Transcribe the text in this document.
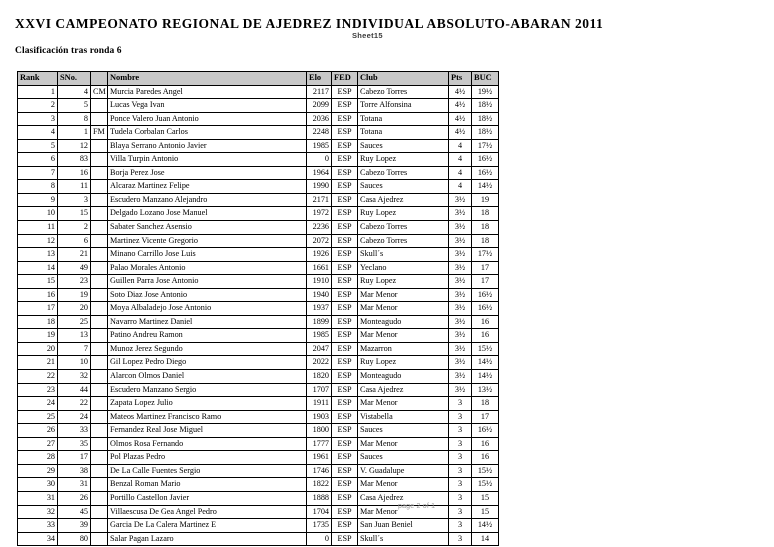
XXVI CAMPEONATO REGIONAL DE AJEDREZ INDIVIDUAL ABSOLUTO-ABARAN 2011
Sheet15
Clasificación tras ronda 6
Rank	SNo.		Nombre	Elo	FED	Club	Pts	BUC
1	4	CM	Murcia Paredes Angel	2117	ESP	Cabezo Torres	4½	19½
2	5		Lucas Vega Ivan	2099	ESP	Torre Alfonsina	4½	18½
3	8		Ponce Valero Juan Antonio	2036	ESP	Totana	4½	18½
4	1	FM	Tudela Corbalan Carlos	2248	ESP	Totana	4½	18½
5	12		Blaya Serrano Antonio Javier	1985	ESP	Sauces	4	17½
6	83		Villa Turpin Antonio	0	ESP	Ruy Lopez	4	16½
7	16		Borja Perez Jose	1964	ESP	Cabezo Torres	4	16½
8	11		Alcaraz Martinez Felipe	1990	ESP	Sauces	4	14½
9	3		Escudero Manzano Alejandro	2171	ESP	Casa Ajedrez	3½	19
10	15		Delgado Lozano Jose Manuel	1972	ESP	Ruy Lopez	3½	18
11	2		Sabater Sanchez Asensio	2236	ESP	Cabezo Torres	3½	18
12	6		Martinez Vicente Gregorio	2072	ESP	Cabezo Torres	3½	18
13	21		Minano Carrillo Jose Luis	1926	ESP	Skull´s	3½	17½
14	49		Palao Morales Antonio	1661	ESP	Yeclano	3½	17
15	23		Guillen Parra Jose Antonio	1910	ESP	Ruy Lopez	3½	17
16	19		Soto Diaz Jose Antonio	1940	ESP	Mar Menor	3½	16½
17	20		Moya Albaladejo Jose Antonio	1937	ESP	Mar Menor	3½	16½
18	25		Navarro Martinez Daniel	1899	ESP	Monteagudo	3½	16
19	13		Patino Andreu Ramon	1985	ESP	Mar Menor	3½	16
20	7		Munoz Jerez Segundo	2047	ESP	Mazarron	3½	15½
21	10		Gil Lopez Pedro Diego	2022	ESP	Ruy Lopez	3½	14½
22	32		Alarcon Olmos Daniel	1820	ESP	Monteagudo	3½	14½
23	44		Escudero Manzano Sergio	1707	ESP	Casa Ajedrez	3½	13½
24	22		Zapata Lopez Julio	1911	ESP	Mar Menor	3	18
25	24		Mateos Martinez Francisco Ramo	1903	ESP	Vistabella	3	17
26	33		Fernandez Real Jose Miguel	1800	ESP	Sauces	3	16½
27	35		Olmos Rosa Fernando	1777	ESP	Mar Menor	3	16
28	17		Pol Plazas Pedro	1961	ESP	Sauces	3	16
29	38		De La Calle Fuentes Sergio	1746	ESP	V. Guadalupe	3	15½
30	31		Benzal Roman Mario	1822	ESP	Mar Menor	3	15½
31	26		Portillo Castellon Javier	1888	ESP	Casa Ajedrez	3	15
32	45		Villaescusa De Gea Angel Pedro	1704	ESP	Mar Menor	3	15
33	39		Garcia De La Calera Martinez E	1735	ESP	San Juan Beniel	3	14½
34	80		Salar Pagan Lazaro	0	ESP	Skull´s	3	14
page 2 of 1
